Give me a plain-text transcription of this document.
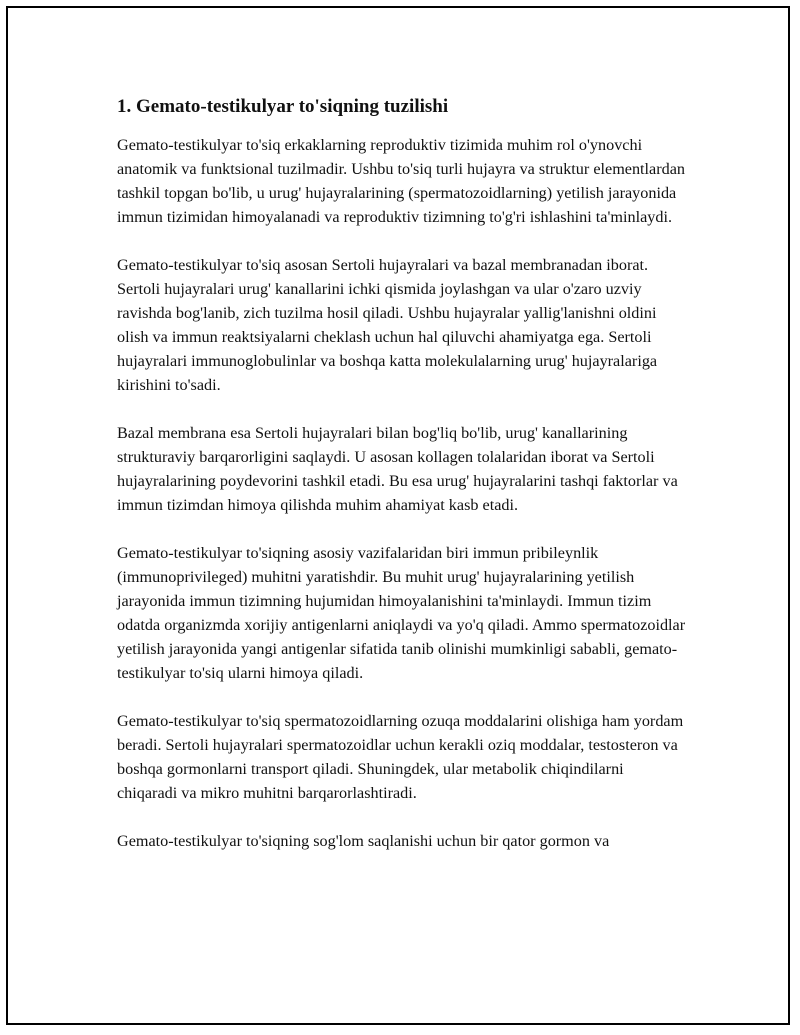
1. Gemato-testikulyar to'siqning tuzilishi

Gemato-testikulyar to'siq erkaklarning reproduktiv tizimida muhim rol o'ynovchi anatomik va funktsional tuzilmadir. Ushbu to'siq turli hujayra va struktur elementlardan tashkil topgan bo'lib, u urug' hujayralarining (spermatozoidlarning) yetilish jarayonida immun tizimidan himoyalanadi va reproduktiv tizimning to'g'ri ishlashini ta'minlaydi.

Gemato-testikulyar to'siq asosan Sertoli hujayralari va bazal membranadan iborat. Sertoli hujayralari urug' kanallarini ichki qismida joylashgan va ular o'zaro uzviy ravishda bog'lanib, zich tuzilma hosil qiladi. Ushbu hujayralar yallig'lanishni oldini olish va immun reaktsiyalarni cheklash uchun hal qiluvchi ahamiyatga ega. Sertoli hujayralari immunoglobulinlar va boshqa katta molekulalarning urug' hujayralariga kirishini to'sadi.

Bazal membrana esa Sertoli hujayralari bilan bog'liq bo'lib, urug' kanallarining strukturaviy barqarorligini saqlaydi. U asosan kollagen tolalaridan iborat va Sertoli hujayralarining poydevorini tashkil etadi. Bu esa urug' hujayralarini tashqi faktorlar va immun tizimdan himoya qilishda muhim ahamiyat kasb etadi.

Gemato-testikulyar to'siqning asosiy vazifalaridan biri immun pribileynlik (immunoprivileged) muhitni yaratishdir. Bu muhit urug' hujayralarining yetilish jarayonida immun tizimning hujumidan himoyalanishini ta'minlaydi. Immun tizim odatda organizmda xorijiy antigenlarni aniqlaydi va yo'q qiladi. Ammo spermatozoidlar yetilish jarayonida yangi antigenlar sifatida tanib olinishi mumkinligi sababli, gemato-testikulyar to'siq ularni himoya qiladi.

Gemato-testikulyar to'siq spermatozoidlarning ozuqa moddalarini olishiga ham yordam beradi. Sertoli hujayralari spermatozoidlar uchun kerakli oziq moddalar, testosteron va boshqa gormonlarni transport qiladi. Shuningdek, ular metabolik chiqindilarni chiqaradi va mikro muhitni barqarorlashtiradi.

Gemato-testikulyar to'siqning sog'lom saqlanishi uchun bir qator gormon va
